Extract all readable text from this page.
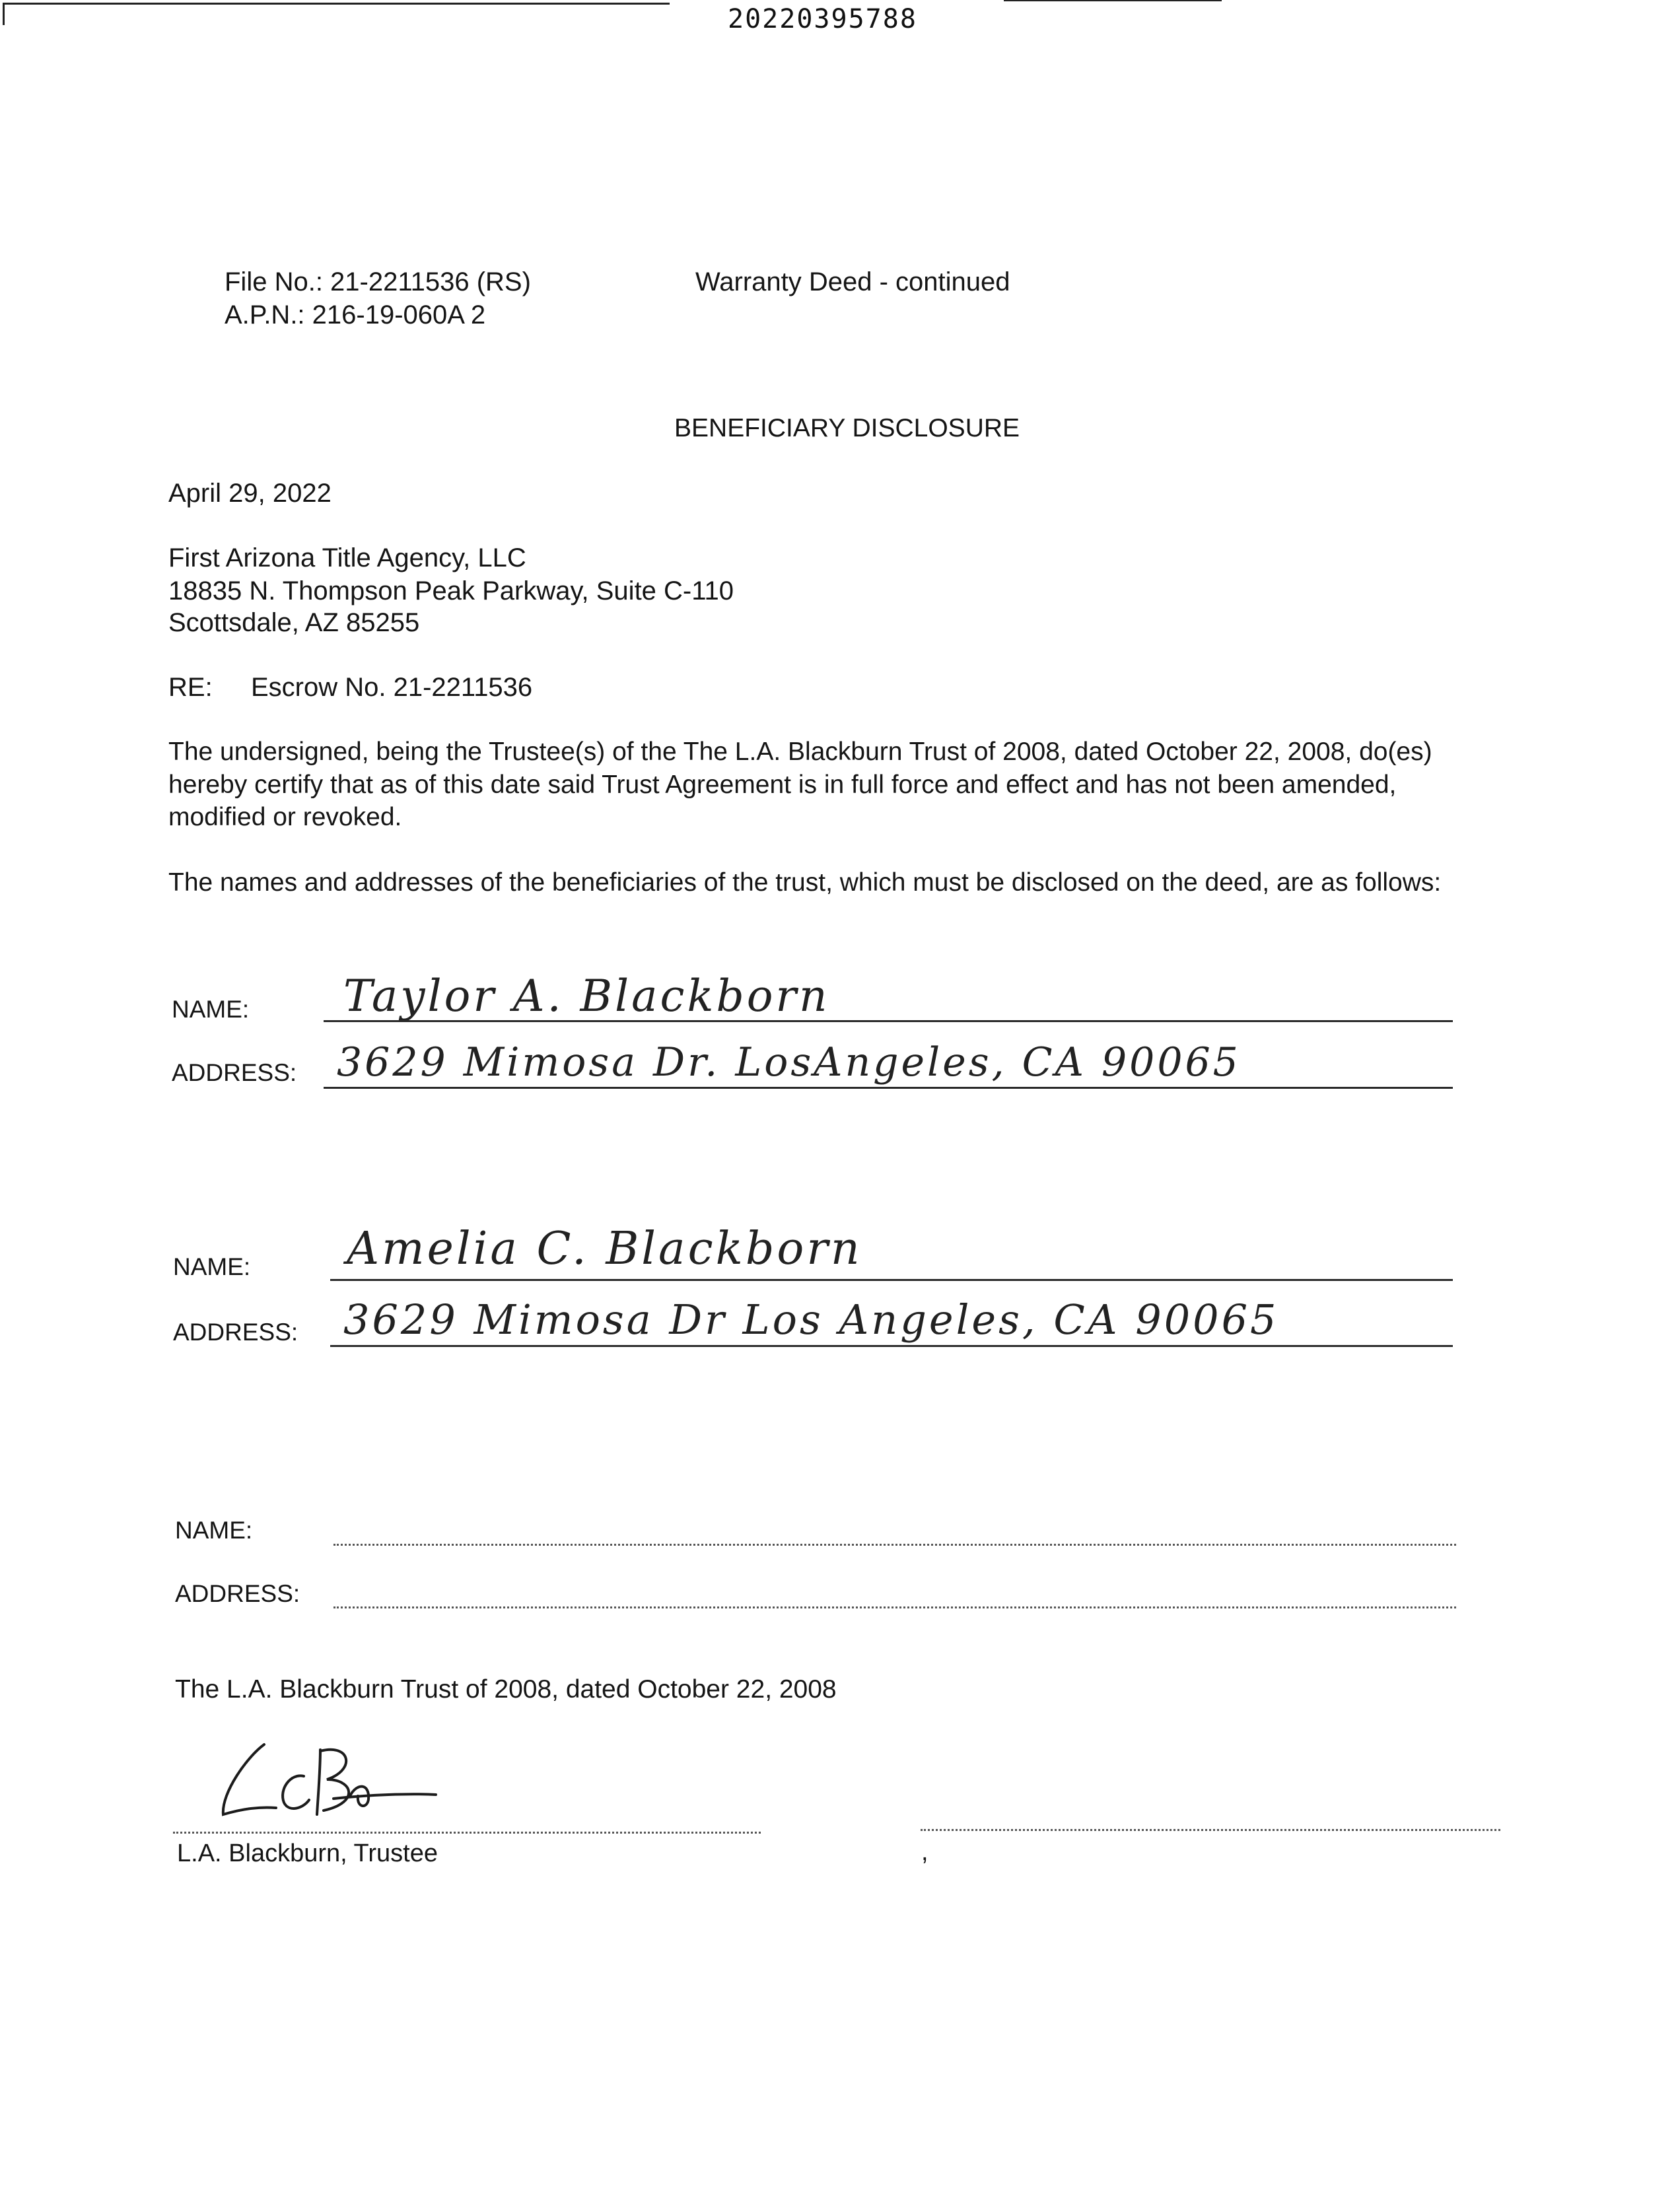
20220395788
File No.: 21-2211536 (RS)
A.P.N.: 216-19-060A 2
Warranty Deed - continued
BENEFICIARY DISCLOSURE
April 29, 2022
First Arizona Title Agency, LLC
18835 N. Thompson Peak Parkway, Suite C-110
Scottsdale, AZ 85255
RE: Escrow No. 21-2211536
The undersigned, being the Trustee(s) of the The L.A. Blackburn Trust of 2008, dated October 22, 2008, do(es)
hereby certify that as of this date said Trust Agreement is in full force and effect and has not been amended,
modified or revoked.
The names and addresses of the beneficiaries of the trust, which must be disclosed on the deed, are as follows:
NAME: Taylor A. Blackborn
ADDRESS: 3629 Mimosa Dr. LosAngeles, CA 90065
NAME: Amelia C. Blackborn
ADDRESS: 3629 Mimosa Dr Los Angeles, CA 90065
NAME:
ADDRESS:
The L.A. Blackburn Trust of 2008, dated October 22, 2008
L.A. Blackburn, Trustee	,
